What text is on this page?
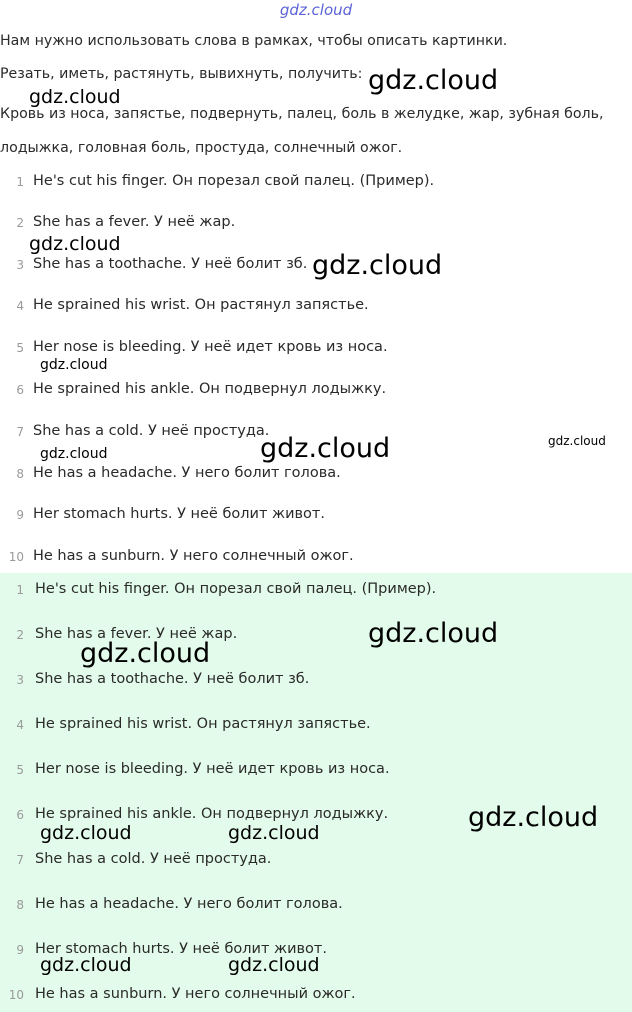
gdz.cloud
Нам нужно использовать слова в рамках, чтобы описать картинки.
Резать, иметь, растянуть, вывихнуть, получить:
Кровь из носа, запястье, подвернуть, палец, боль в желудке, жар, зубная боль,
лодыжка, головная боль, простуда, солнечный ожог.
1 He's cut his finger. Он порезал свой палец. (Пример).
2 She has a fever. У неё жар.
3 She has a toothache. У неё болит зб.
4 He sprained his wrist. Он растянул запястье.
5 Her nose is bleeding. У неё идет кровь из носа.
6 He sprained his ankle. Он подвернул лодыжку.
7 She has a cold. У неё простуда.
8 He has a headache. У него болит голова.
9 Her stomach hurts. У неё болит живот.
10 He has a sunburn. У него солнечный ожог.
1 He's cut his finger. Он порезал свой палец. (Пример).
2 She has a fever. У неё жар.
3 She has a toothache. У неё болит зб.
4 He sprained his wrist. Он растянул запястье.
5 Her nose is bleeding. У неё идет кровь из носа.
6 He sprained his ankle. Он подвернул лодыжку.
7 She has a cold. У неё простуда.
8 He has a headache. У него болит голова.
9 Her stomach hurts. У неё болит живот.
10 He has a sunburn. У него солнечный ожог.
gdz.cloud
gdz.cloud
gdz.cloud
gdz.cloud
gdz.cloud
gdz.cloud	gdz.cloud
gdz.cloud
gdz.cloud
gdz.cloud
gdz.cloud
gdz.cloud	gdz.cloud
gdz.cloud	gdz.cloud
